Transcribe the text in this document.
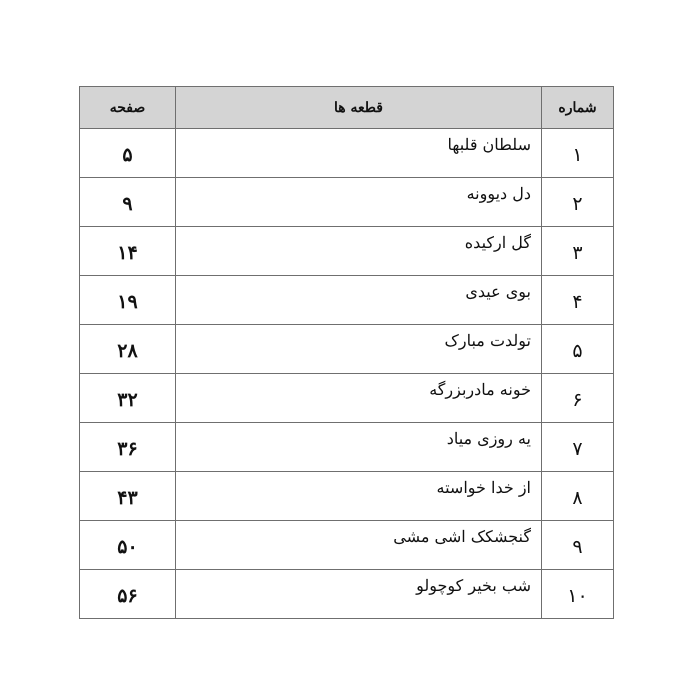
شماره	قطعه ها	صفحه
۱	سلطان قلبها	۵
۲	دل دیوونه	۹
۳	گل ارکیده	۱۴
۴	بوی عیدی	۱۹
۵	تولدت مبارک	۲۸
۶	خونه مادربزرگه	۳۲
۷	یه روزی میاد	۳۶
۸	از خدا خواسته	۴۳
۹	گنجشکک اشی مشی	۵۰
۱۰	شب بخیر کوچولو	۵۶
